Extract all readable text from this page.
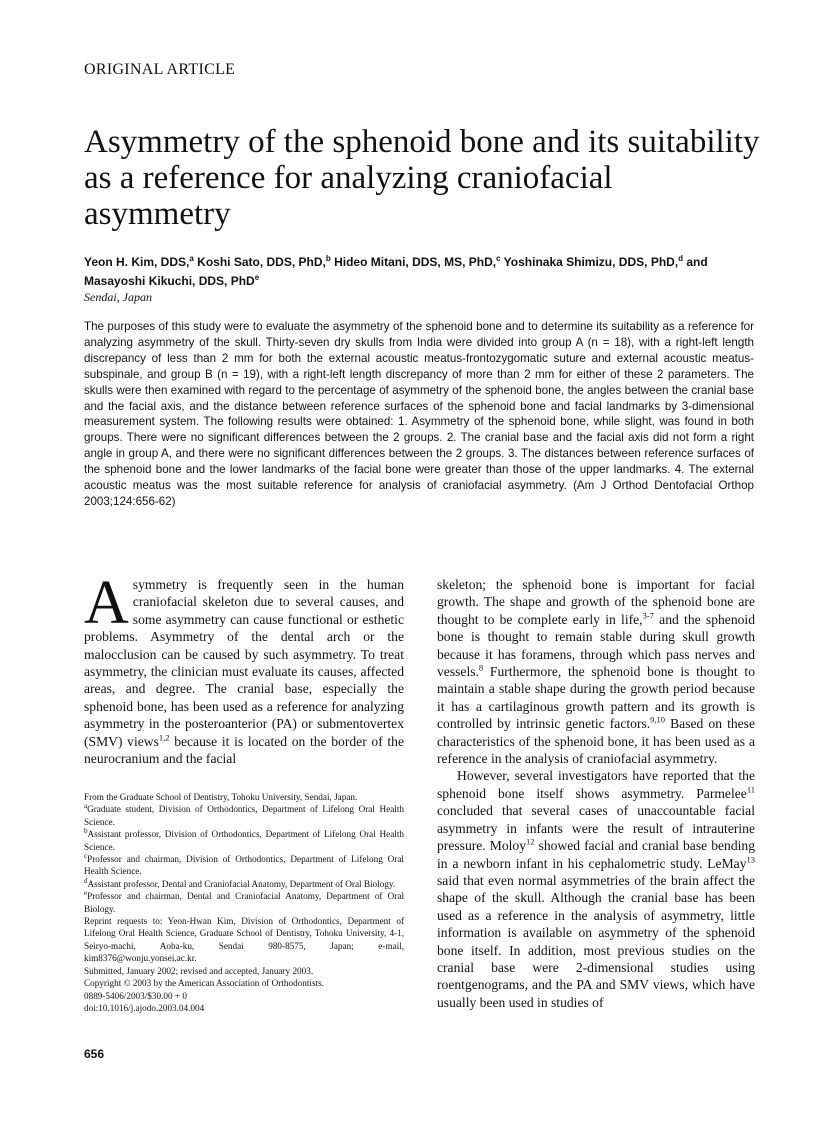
ORIGINAL ARTICLE
Asymmetry of the sphenoid bone and its suitability as a reference for analyzing craniofacial asymmetry
Yeon H. Kim, DDS,$^a$ Koshi Sato, DDS, PhD,$^b$ Hideo Mitani, DDS, MS, PhD,$^c$ Yoshinaka Shimizu, DDS, PhD,$^d$ and Masayoshi Kikuchi, DDS, PhD$^e$
Sendai, Japan
The purposes of this study were to evaluate the asymmetry of the sphenoid bone and to determine its suitability as a reference for analyzing asymmetry of the skull. Thirty-seven dry skulls from India were divided into group A (n = 18), with a right-left length discrepancy of less than 2 mm for both the external acoustic meatus-frontozygomatic suture and external acoustic meatus-subspinale, and group B (n = 19), with a right-left length discrepancy of more than 2 mm for either of these 2 parameters. The skulls were then examined with regard to the percentage of asymmetry of the sphenoid bone, the angles between the cranial base and the facial axis, and the distance between reference surfaces of the sphenoid bone and facial landmarks by 3-dimensional measurement system. The following results were obtained: 1. Asymmetry of the sphenoid bone, while slight, was found in both groups. There were no significant differences between the 2 groups. 2. The cranial base and the facial axis did not form a right angle in group A, and there were no significant differences between the 2 groups. 3. The distances between reference surfaces of the sphenoid bone and the lower landmarks of the facial bone were greater than those of the upper landmarks. 4. The external acoustic meatus was the most suitable reference for analysis of craniofacial asymmetry. (Am J Orthod Dentofacial Orthop 2003;124:656-62)
A symmetry is frequently seen in the human craniofacial skeleton due to several causes, and some asymmetry can cause functional or esthetic problems. Asymmetry of the dental arch or the malocclusion can be caused by such asymmetry. To treat asymmetry, the clinician must evaluate its causes, affected areas, and degree. The cranial base, especially the sphenoid bone, has been used as a reference for analyzing asymmetry in the posteroanterior (PA) or submentovertex (SMV) views$^{1,2}$ because it is located on the border of the neurocranium and the facial

From the Graduate School of Dentistry, Tohoku University, Sendai, Japan.
$^a$Graduate student, Division of Orthodontics, Department of Lifelong Oral Health Science.
$^b$Assistant professor, Division of Orthodontics, Department of Lifelong Oral Health Science.
$^c$Professor and chairman, Division of Orthodontics, Department of Lifelong Oral Health Science.
$^d$Assistant professor, Dental and Craniofacial Anatomy, Department of Oral Biology.
$^e$Professor and chairman, Dental and Craniofacial Anatomy, Department of Oral Biology.
Reprint requests to: Yeon-Hwan Kim, Division of Orthodontics, Department of Lifelong Oral Health Science, Graduate School of Dentistry, Tohoku University, 4-1, Seiryo-machi, Aoba-ku, Sendai 980-8575, Japan; e-mail, kim8376@wonju.yonsei.ac.kr.
Submitted, January 2002; revised and accepted, January 2003.
Copyright © 2003 by the American Association of Orthodontists.
0889-5406/2003/$30.00 + 0
doi:10.1016/j.ajodo.2003.04.004

skeleton; the sphenoid bone is important for facial growth. The shape and growth of the sphenoid bone are thought to be complete early in life,$^{3-7}$ and the sphenoid bone is thought to remain stable during skull growth because it has foramens, through which pass nerves and vessels.$^8$ Furthermore, the sphenoid bone is thought to maintain a stable shape during the growth period because it has a cartilaginous growth pattern and its growth is controlled by intrinsic genetic factors.$^{9,10}$ Based on these characteristics of the sphenoid bone, it has been used as a reference in the analysis of craniofacial asymmetry.

However, several investigators have reported that the sphenoid bone itself shows asymmetry. Parmelee$^{11}$ concluded that several cases of unaccountable facial asymmetry in infants were the result of intrauterine pressure. Moloy$^{12}$ showed facial and cranial base bending in a newborn infant in his cephalometric study. LeMay$^{13}$ said that even normal asymmetries of the brain affect the shape of the skull. Although the cranial base has been used as a reference in the analysis of asymmetry, little information is available on asymmetry of the sphenoid bone itself. In addition, most previous studies on the cranial base were 2-dimensional studies using roentgenograms, and the PA and SMV views, which have usually been used in studies of

656
